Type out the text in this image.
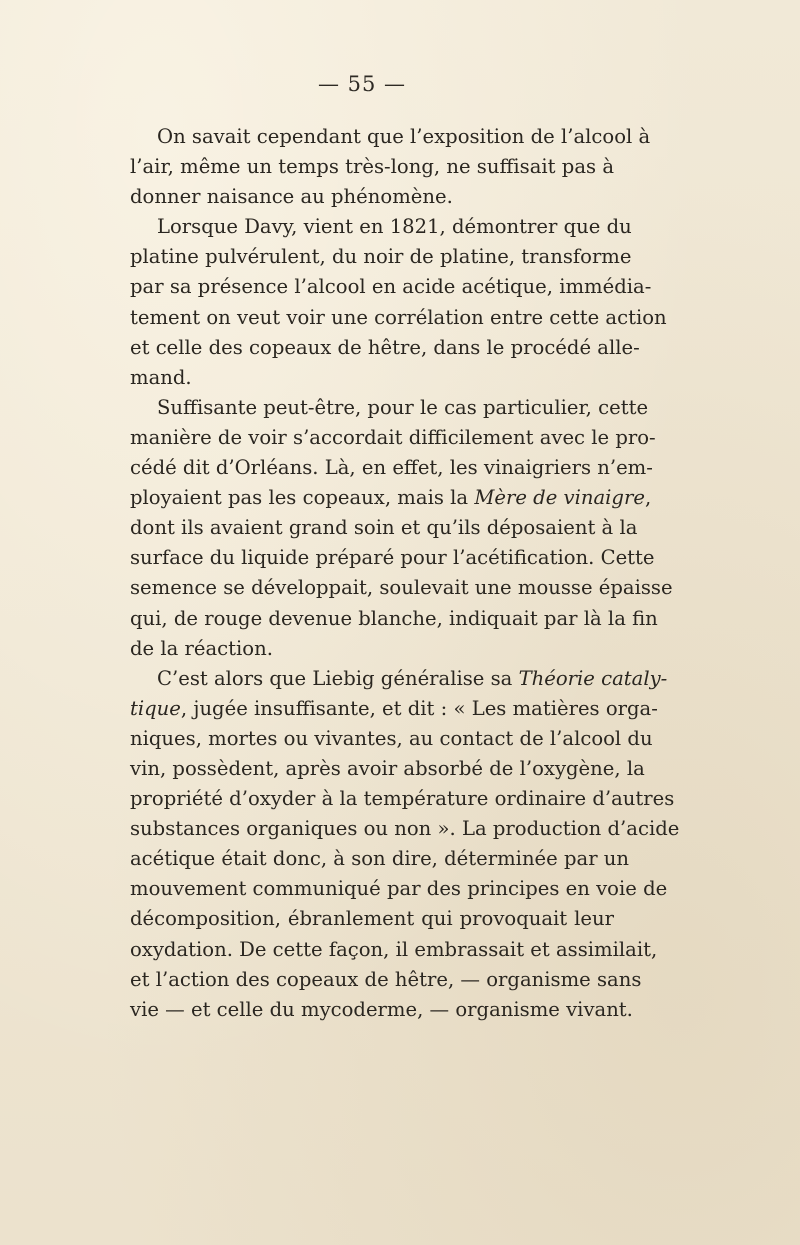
— 55 —
On savait cependant que l’exposition de l’alcool à
l’air, même un temps très-long, ne suffisait pas à
donner naisance au phénomène.
Lorsque Davy, vient en 1821, démontrer que du
platine pulvérulent, du noir de platine, transforme
par sa présence l’alcool en acide acétique, immédia-
tement on veut voir une corrélation entre cette action
et celle des copeaux de hêtre, dans le procédé alle-
mand.
Suffisante peut-être, pour le cas particulier, cette
manière de voir s’accordait difficilement avec le pro-
cédé dit d’Orléans. Là, en effet, les vinaigriers n’em-
ployaient pas les copeaux, mais la Mère de vinaigre,
dont ils avaient grand soin et qu’ils déposaient à la
surface du liquide préparé pour l’acétification. Cette
semence se développait, soulevait une mousse épaisse
qui, de rouge devenue blanche, indiquait par là la fin
de la réaction.
C’est alors que Liebig généralise sa Théorie cataly-
tique, jugée insuffisante, et dit : « Les matières orga-
niques, mortes ou vivantes, au contact de l’alcool du
vin, possèdent, après avoir absorbé de l’oxygène, la
propriété d’oxyder à la température ordinaire d’autres
substances organiques ou non ». La production d’acide
acétique était donc, à son dire, déterminée par un
mouvement communiqué par des principes en voie de
décomposition, ébranlement qui provoquait leur
oxydation. De cette façon, il embrassait et assimilait,
et l’action des copeaux de hêtre, — organisme sans
vie — et celle du mycoderme, — organisme vivant.
